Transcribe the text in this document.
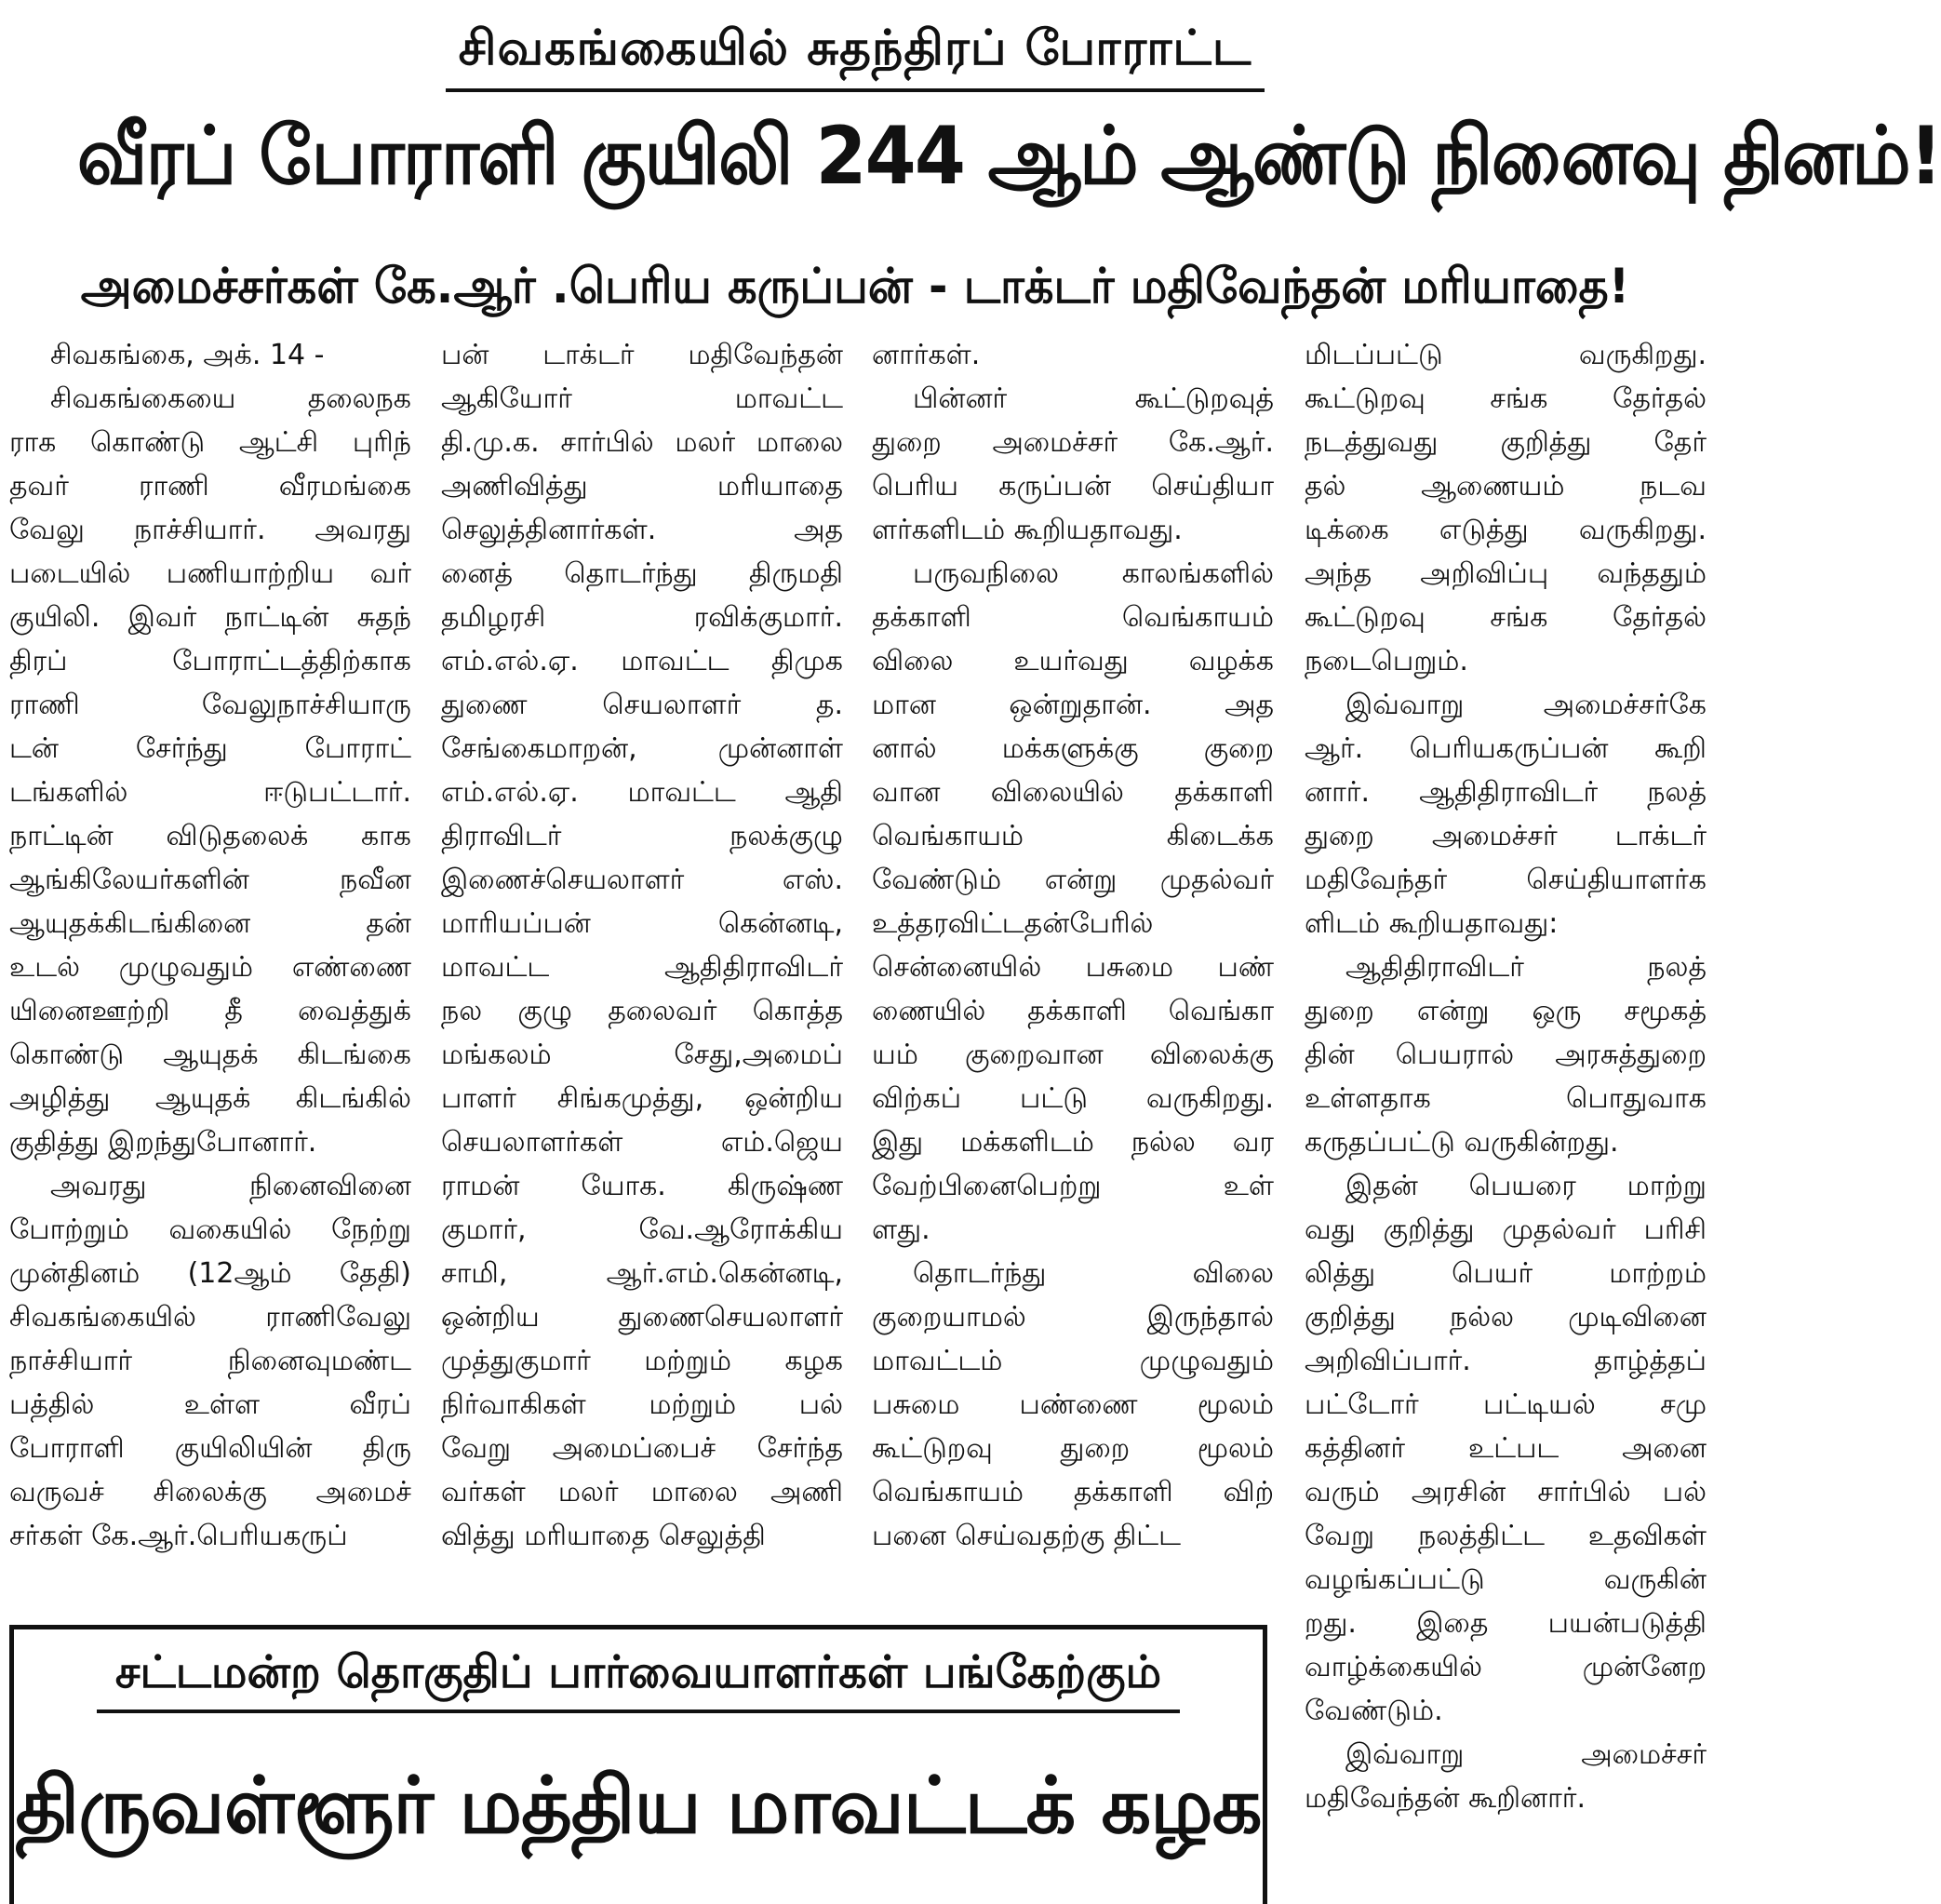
சிவகங்கையில் சுதந்திரப் போராட்ட
வீரப் போராளி குயிலி 244 ஆம் ஆண்டு நினைவு தினம்!
அமைச்சர்கள் கே.ஆர் .பெரிய கருப்பன் - டாக்டர் மதிவேந்தன் மரியாதை!
சிவகங்கை, அக். 14 -
சிவகங்கையை தலைநக
ராக கொண்டு ஆட்சி புரிந்
தவர் ராணி வீரமங்கை
வேலு நாச்சியார். அவரது
படையில் பணியாற்றிய வர்
குயிலி. இவர் நாட்டின் சுதந்
திரப் போராட்டத்திற்காக
ராணி வேலுநாச்சியாரு
டன் சேர்ந்து போராட்
டங்களில் ஈடுபட்டார்.
நாட்டின் விடுதலைக் காக
ஆங்கிலேயர்களின் நவீன
ஆயுதக்கிடங்கினை தன்
உடல் முழுவதும் எண்ணை
யினைஊற்றி தீ வைத்துக்
கொண்டு ஆயுதக் கிடங்கை
அழித்து ஆயுதக் கிடங்கில்
குதித்து இறந்துபோனார்.
அவரது நினைவினை
போற்றும் வகையில் நேற்று
முன்தினம் (12ஆம் தேதி)
சிவகங்கையில் ராணிவேலு
நாச்சியார் நினைவுமண்ட
பத்தில் உள்ள வீரப்
போராளி குயிலியின் திரு
வருவச் சிலைக்கு அமைச்
சர்கள் கே.ஆர்.பெரியகருப்
பன் டாக்டர் மதிவேந்தன்
ஆகியோர் மாவட்ட
தி.மு.க. சார்பில் மலர் மாலை
அணிவித்து மரியாதை
செலுத்தினார்கள். அத
னைத் தொடர்ந்து திருமதி
தமிழரசி ரவிக்குமார்.
எம்.எல்.ஏ. மாவட்ட திமுக
துணை செயலாளர் த.
சேங்கைமாறன், முன்னாள்
எம்.எல்.ஏ. மாவட்ட ஆதி
திராவிடர் நலக்குழு
இணைச்செயலாளர் எஸ்.
மாரியப்பன் கென்னடி,
மாவட்ட ஆதிதிராவிடர்
நல குழு தலைவர் கொத்த
மங்கலம் சேது,அமைப்
பாளர் சிங்கமுத்து, ஒன்றிய
செயலாளர்கள் எம்.ஜெய
ராமன் யோக. கிருஷ்ண
குமார், வே.ஆரோக்கிய
சாமி, ஆர்.எம்.கென்னடி,
ஒன்றிய துணைசெயலாளர்
முத்துகுமார் மற்றும் கழக
நிர்வாகிகள் மற்றும் பல்
வேறு அமைப்பைச் சேர்ந்த
வர்கள் மலர் மாலை அணி
வித்து மரியாதை செலுத்தி
னார்கள்.
பின்னர் கூட்டுறவுத்
துறை அமைச்சர் கே.ஆர்.
பெரிய கருப்பன் செய்தியா
ளர்களிடம் கூறியதாவது.
பருவநிலை காலங்களில்
தக்காளி வெங்காயம்
விலை உயர்வது வழக்க
மான ஒன்றுதான். அத
னால் மக்களுக்கு குறை
வான விலையில் தக்காளி
வெங்காயம் கிடைக்க
வேண்டும் என்று முதல்வர்
உத்தரவிட்டதன்பேரில்
சென்னையில் பசுமை பண்
ணையில் தக்காளி வெங்கா
யம் குறைவான விலைக்கு
விற்கப் பட்டு வருகிறது.
இது மக்களிடம் நல்ல வர
வேற்பினைபெற்று உள்
ளது.
தொடர்ந்து விலை
குறையாமல் இருந்தால்
மாவட்டம் முழுவதும்
பசுமை பண்ணை மூலம்
கூட்டுறவு துறை மூலம்
வெங்காயம் தக்காளி விற்
பனை செய்வதற்கு திட்ட
மிடப்பட்டு வருகிறது.
கூட்டுறவு சங்க தேர்தல்
நடத்துவது குறித்து தேர்
தல் ஆணையம் நடவ
டிக்கை எடுத்து வருகிறது.
அந்த அறிவிப்பு வந்ததும்
கூட்டுறவு சங்க தேர்தல்
நடைபெறும்.
இவ்வாறு அமைச்சர்கே
ஆர். பெரியகருப்பன் கூறி
னார். ஆதிதிராவிடர் நலத்
துறை அமைச்சர் டாக்டர்
மதிவேந்தர் செய்தியாளர்க
ளிடம் கூறியதாவது:
ஆதிதிராவிடர் நலத்
துறை என்று ஒரு சமூகத்
தின் பெயரால் அரசுத்துறை
உள்ளதாக பொதுவாக
கருதப்பட்டு வருகின்றது.
இதன் பெயரை மாற்று
வது குறித்து முதல்வர் பரிசி
லித்து பெயர் மாற்றம்
குறித்து நல்ல முடிவினை
அறிவிப்பார். தாழ்த்தப்
பட்டோர் பட்டியல் சமு
கத்தினர் உட்பட அனை
வரும் அரசின் சார்பில் பல்
வேறு நலத்திட்ட உதவிகள்
வழங்கப்பட்டு வருகின்
றது. இதை பயன்படுத்தி
வாழ்க்கையில் முன்னேற
வேண்டும்.
இவ்வாறு அமைச்சர்
மதிவேந்தன் கூறினார்.
சட்டமன்ற தொகுதிப் பார்வையாளர்கள் பங்கேற்கும்
திருவள்ளூர் மத்திய மாவட்டக் கழக
